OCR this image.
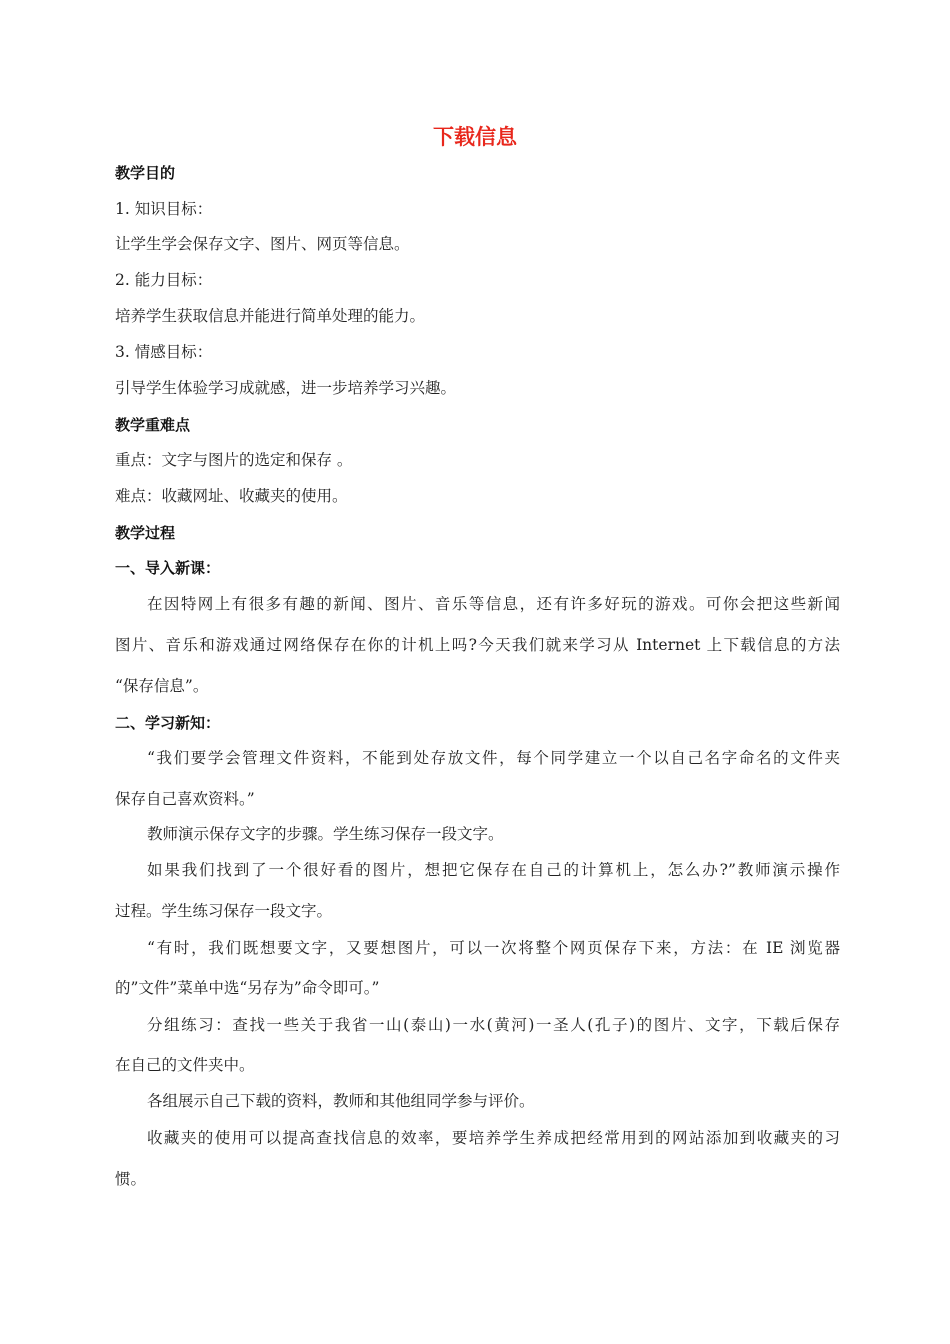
下载信息
教学目的
1. 知识目标：
让学生学会保存文字、图片、网页等信息。
2. 能力目标：
培养学生获取信息并能进行简单处理的能力。
3. 情感目标：
引导学生体验学习成就感，进一步培养学习兴趣。
教学重难点
重点：文字与图片的选定和保存 。
难点：收藏网址、收藏夹的使用。
教学过程
一、导入新课：
在因特网上有很多有趣的新闻、图片、音乐等信息，还有许多好玩的游戏。可你会把这些新闻
图片、音乐和游戏通过网络保存在你的计机上吗?今天我们就来学习从 Internet 上下载信息的方法
“保存信息”。
二、学习新知：
“我们要学会管理文件资料，不能到处存放文件，每个同学建立一个以自己名字命名的文件夹
保存自己喜欢资料。”
教师演示保存文字的步骤。学生练习保存一段文字。
如果我们找到了一个很好看的图片，想把它保存在自己的计算机上，怎么办?”教师演示操作
过程。学生练习保存一段文字。
“有时，我们既想要文字，又要想图片，可以一次将整个网页保存下来，方法：在 IE 浏览器
的”文件”菜单中选“另存为”命令即可。”
分组练习：查找一些关于我省一山(泰山)一水(黄河)一圣人(孔子)的图片、文字，下载后保存
在自己的文件夹中。
各组展示自己下载的资料，教师和其他组同学参与评价。
收藏夹的使用可以提高查找信息的效率，要培养学生养成把经常用到的网站添加到收藏夹的习
惯。
